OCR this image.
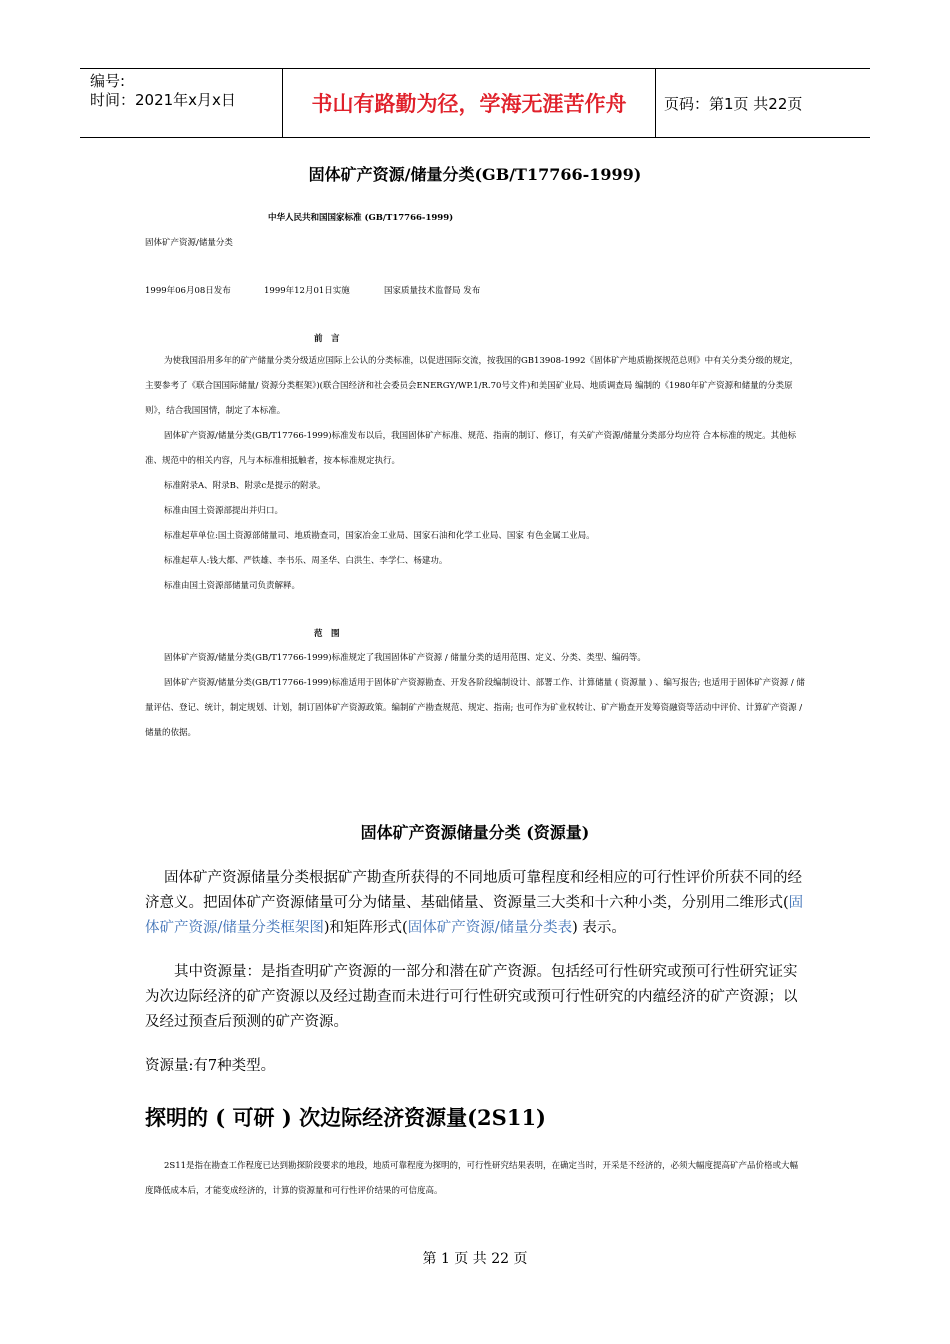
编号:
时间：2021年x月x日	书山有路勤为径，学海无涯苦作舟	页码：第1页 共22页
固体矿产资源/储量分类(GB/T17766-1999)
中华人民共和国国家标准 (GB/T17766-1999)
固体矿产资源/储量分类
1999年06月08日发布	1999年12月01日实施	国家质量技术监督局 发布
前　言

为使我国沿用多年的矿产储量分类分级适应国际上公认的分类标准，以促进国际交流，按我国的GB13908-1992《固体矿产地质勘探规范总则》中有关分类分级的规定，主要参考了《联合国国际储量/ 资源分类框架》)(联合国经济和社会委员会ENERGY/WP.1/R.70号文件)和美国矿业局、地质调查局 编制的《1980年矿产资源和储量的分类原则》，结合我国国情，制定了本标准。

固体矿产资源/储量分类(GB/T17766-1999)标准发布以后，我国固体矿产标准、规范、指南的制订、修订，有关矿产资源/储量分类部分均应符 合本标准的规定。其他标准、规范中的相关内容，凡与本标准相抵触者，按本标准规定执行。

标准附录A、附录B、附录c是提示的附录。

标准由国土资源部提出并归口。

标准起草单位:国土资源部储量司、地质勘查司，国家冶金工业局、国家石油和化学工业局、国家 有色金属工业局。

标准起草人:钱大都、严铁雄、李书乐、周圣华、白洪生、李学仁、杨建功。

标准由国土资源部储量司负责解释。

范　围

固体矿产资源/储量分类(GB/T17766-1999)标准规定了我国固体矿产资源 / 储量分类的适用范围、定义、分类、类型、编码等。

固体矿产资源/储量分类(GB/T17766-1999)标准适用于固体矿产资源勘查、开发各阶段编制设计、部署工作、计算储量 ( 资源量 ) 、编写报告; 也适用于固体矿产资源 / 储量评估、登记、统计，制定规划、计划，制订固体矿产资源政策。编制矿产勘查规范、规定、指南; 也可作为矿业权转让、矿产勘查开发筹资融资等活动中评价、计算矿产资源 / 储量的依据。

固体矿产资源储量分类 (资源量)

固体矿产资源储量分类根据矿产勘查所获得的不同地质可靠程度和经相应的可行性评价所获不同的经济意义。把固体矿产资源储量可分为储量、基础储量、资源量三大类和十六种小类，分别用二维形式(固体矿产资源/储量分类框架图)和矩阵形式(固体矿产资源/储量分类表) 表示。

其中资源量：是指查明矿产资源的一部分和潜在矿产资源。包括经可行性研究或预可行性研究证实为次边际经济的矿产资源以及经过勘查而未进行可行性研究或预可行性研究的内蕴经济的矿产资源；以及经过预查后预测的矿产资源。

资源量:有7种类型。

探明的 ( 可研 ) 次边际经济资源量(2S11)

2S11是指在勘查工作程度已达到勘探阶段要求的地段，地质可靠程度为探明的，可行性研究结果表明，在确定当时，开采是不经济的，必须大幅度提高矿产品价格或大幅度降低成本后，才能变成经济的，计算的资源量和可行性评价结果的可信度高。

第 1 页 共 22 页
